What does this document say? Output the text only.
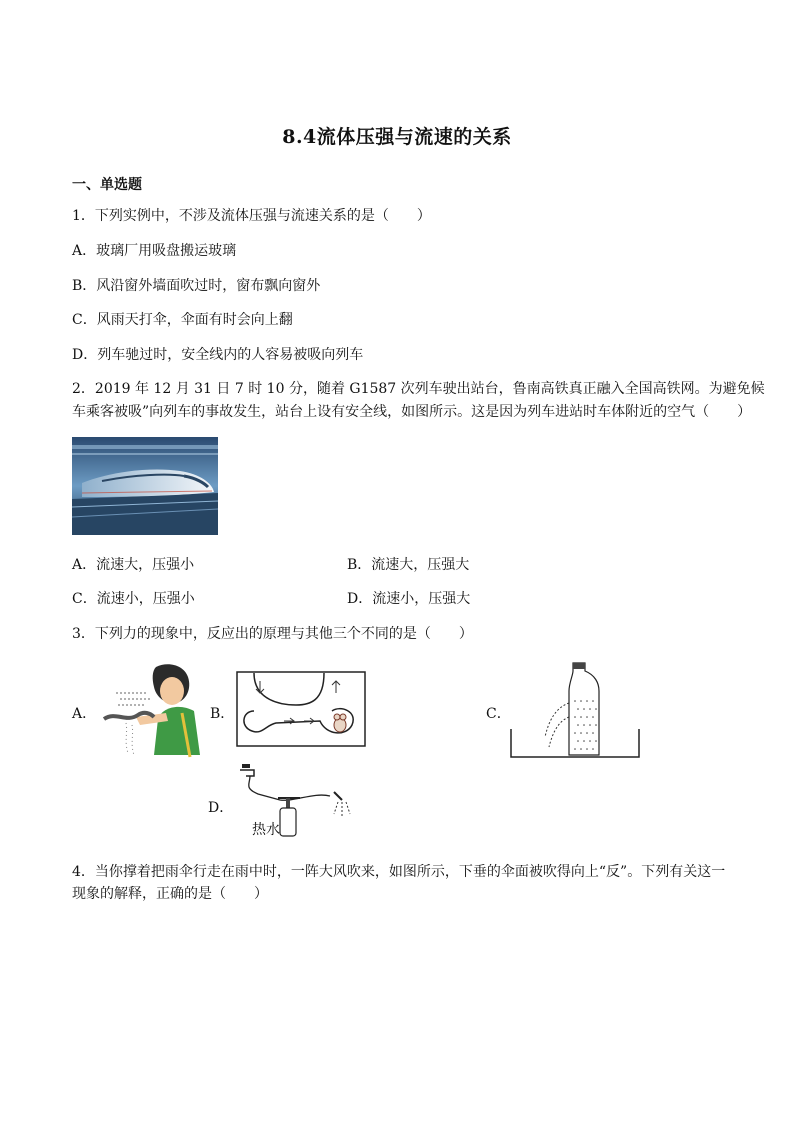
8.4流体压强与流速的关系
一、单选题
1．下列实例中，不涉及流体压强与流速关系的是（　　）
A．玻璃厂用吸盘搬运玻璃
B．风沿窗外墙面吹过时，窗布飘向窗外
C．风雨天打伞，伞面有时会向上翻
D．列车驰过时，安全线内的人容易被吸向列车
2．2019 年 12 月 31 日 7 时 10 分，随着 G1587 次列车驶出站台，鲁南高铁真正融入全国高铁网。为避免候
车乘客被吸”向列车的事故发生，站台上设有安全线，如图所示。这是因为列车进站时车体附近的空气（　　）
A．流速大，压强小	B．流速大，压强大
C．流速小，压强小	D．流速小，压强大
3．下列力的现象中，反应出的原理与其他三个不同的是（　　）
A．	B．	C．
D．
热水
4．当你撑着把雨伞行走在雨中时，一阵大风吹来，如图所示，下垂的伞面被吹得向上“反”。下列有关这一
现象的解释，正确的是（　　）
